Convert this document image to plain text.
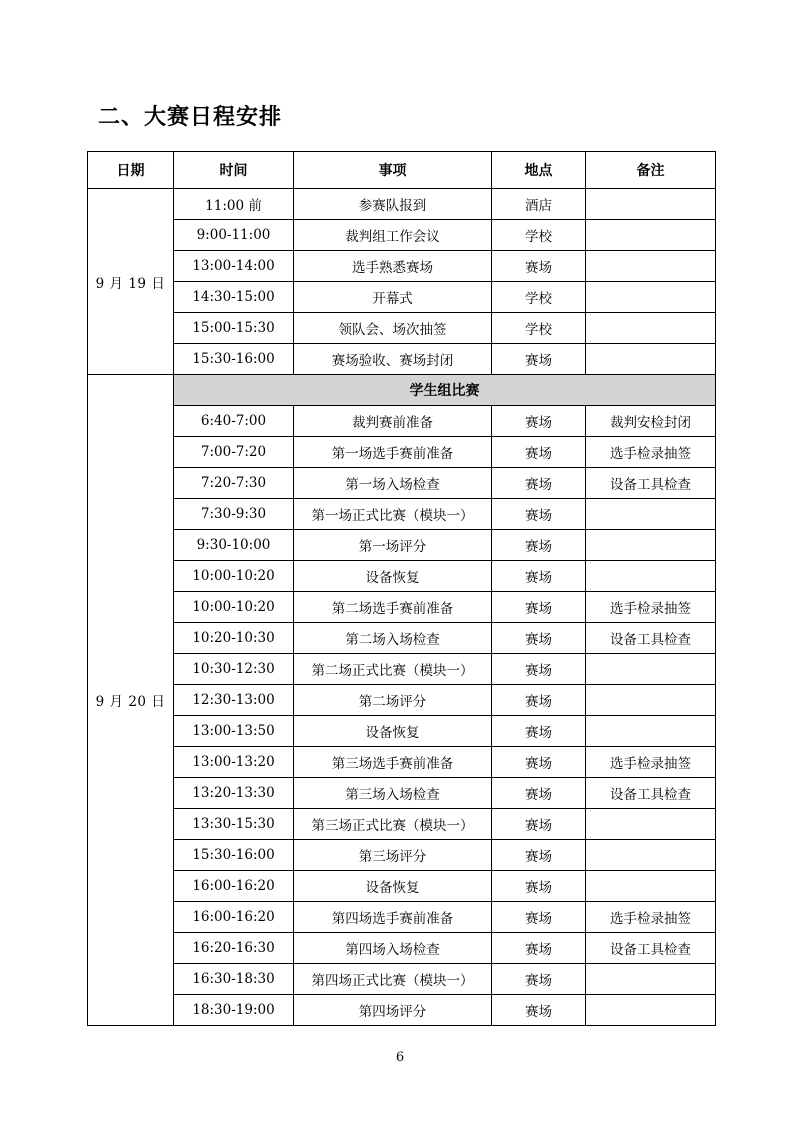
二、大赛日程安排
日期	时间	事项	地点	备注
9 月 19 日	11:00 前	参赛队报到	酒店	
	9:00-11:00	裁判组工作会议	学校	
	13:00-14:00	选手熟悉赛场	赛场	
	14:30-15:00	开幕式	学校	
	15:00-15:30	领队会、场次抽签	学校	
	15:30-16:00	赛场验收、赛场封闭	赛场	
9 月 20 日	学生组比赛			
	6:40-7:00	裁判赛前准备	赛场	裁判安检封闭
	7:00-7:20	第一场选手赛前准备	赛场	选手检录抽签
	7:20-7:30	第一场入场检查	赛场	设备工具检查
	7:30-9:30	第一场正式比赛（模块一）	赛场	
	9:30-10:00	第一场评分	赛场	
	10:00-10:20	设备恢复	赛场	
	10:00-10:20	第二场选手赛前准备	赛场	选手检录抽签
	10:20-10:30	第二场入场检查	赛场	设备工具检查
	10:30-12:30	第二场正式比赛（模块一）	赛场	
	12:30-13:00	第二场评分	赛场	
	13:00-13:50	设备恢复	赛场	
	13:00-13:20	第三场选手赛前准备	赛场	选手检录抽签
	13:20-13:30	第三场入场检查	赛场	设备工具检查
	13:30-15:30	第三场正式比赛（模块一）	赛场	
	15:30-16:00	第三场评分	赛场	
	16:00-16:20	设备恢复	赛场	
	16:00-16:20	第四场选手赛前准备	赛场	选手检录抽签
	16:20-16:30	第四场入场检查	赛场	设备工具检查
	16:30-18:30	第四场正式比赛（模块一）	赛场	
	18:30-19:00	第四场评分	赛场	
6
